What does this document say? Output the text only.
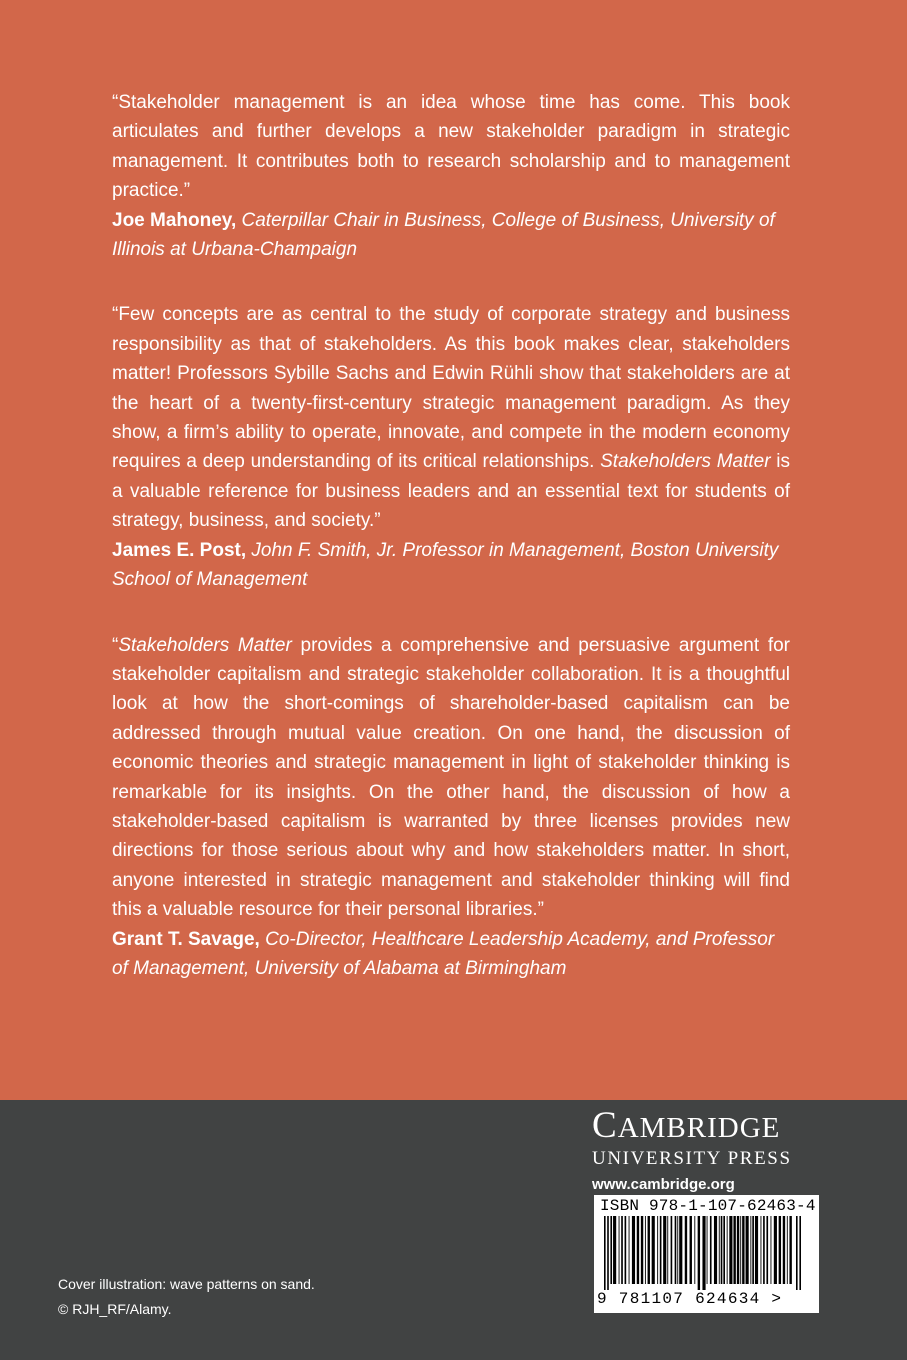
“Stakeholder management is an idea whose time has come. This book articulates and further develops a new stakeholder paradigm in strategic management. It contributes both to research scholarship and to management practice.”

Joe Mahoney, Caterpillar Chair in Business, College of Business, University of Illinois at Urbana-Champaign

“Few concepts are as central to the study of corporate strategy and business responsibility as that of stakeholders. As this book makes clear, stakeholders matter! Professors Sybille Sachs and Edwin Rühli show that stakeholders are at the heart of a twenty-first-century strategic management paradigm. As they show, a firm’s ability to operate, innovate, and compete in the modern economy requires a deep understanding of its critical relationships. Stakeholders Matter is a valuable reference for business leaders and an essential text for students of strategy, business, and society.”

James E. Post, John F. Smith, Jr. Professor in Management, Boston University School of Management

“Stakeholders Matter provides a comprehensive and persuasive argument for stakeholder capitalism and strategic stakeholder collaboration. It is a thoughtful look at how the short-comings of shareholder-based capitalism can be addressed through mutual value creation. On one hand, the discussion of economic theories and strategic management in light of stakeholder thinking is remarkable for its insights. On the other hand, the discussion of how a stakeholder-based capitalism is warranted by three licenses provides new directions for those serious about why and how stakeholders matter. In short, anyone interested in strategic management and stakeholder thinking will find this a valuable resource for their personal libraries.”

Grant T. Savage, Co-Director, Healthcare Leadership Academy, and Professor of Management, University of Alabama at Birmingham

CAMBRIDGE
UNIVERSITY PRESS
www.cambridge.org
ISBN 978-1-107-62463-4
9 781107 624634 >
Cover illustration: wave patterns on sand.
© RJH_RF/Alamy.
